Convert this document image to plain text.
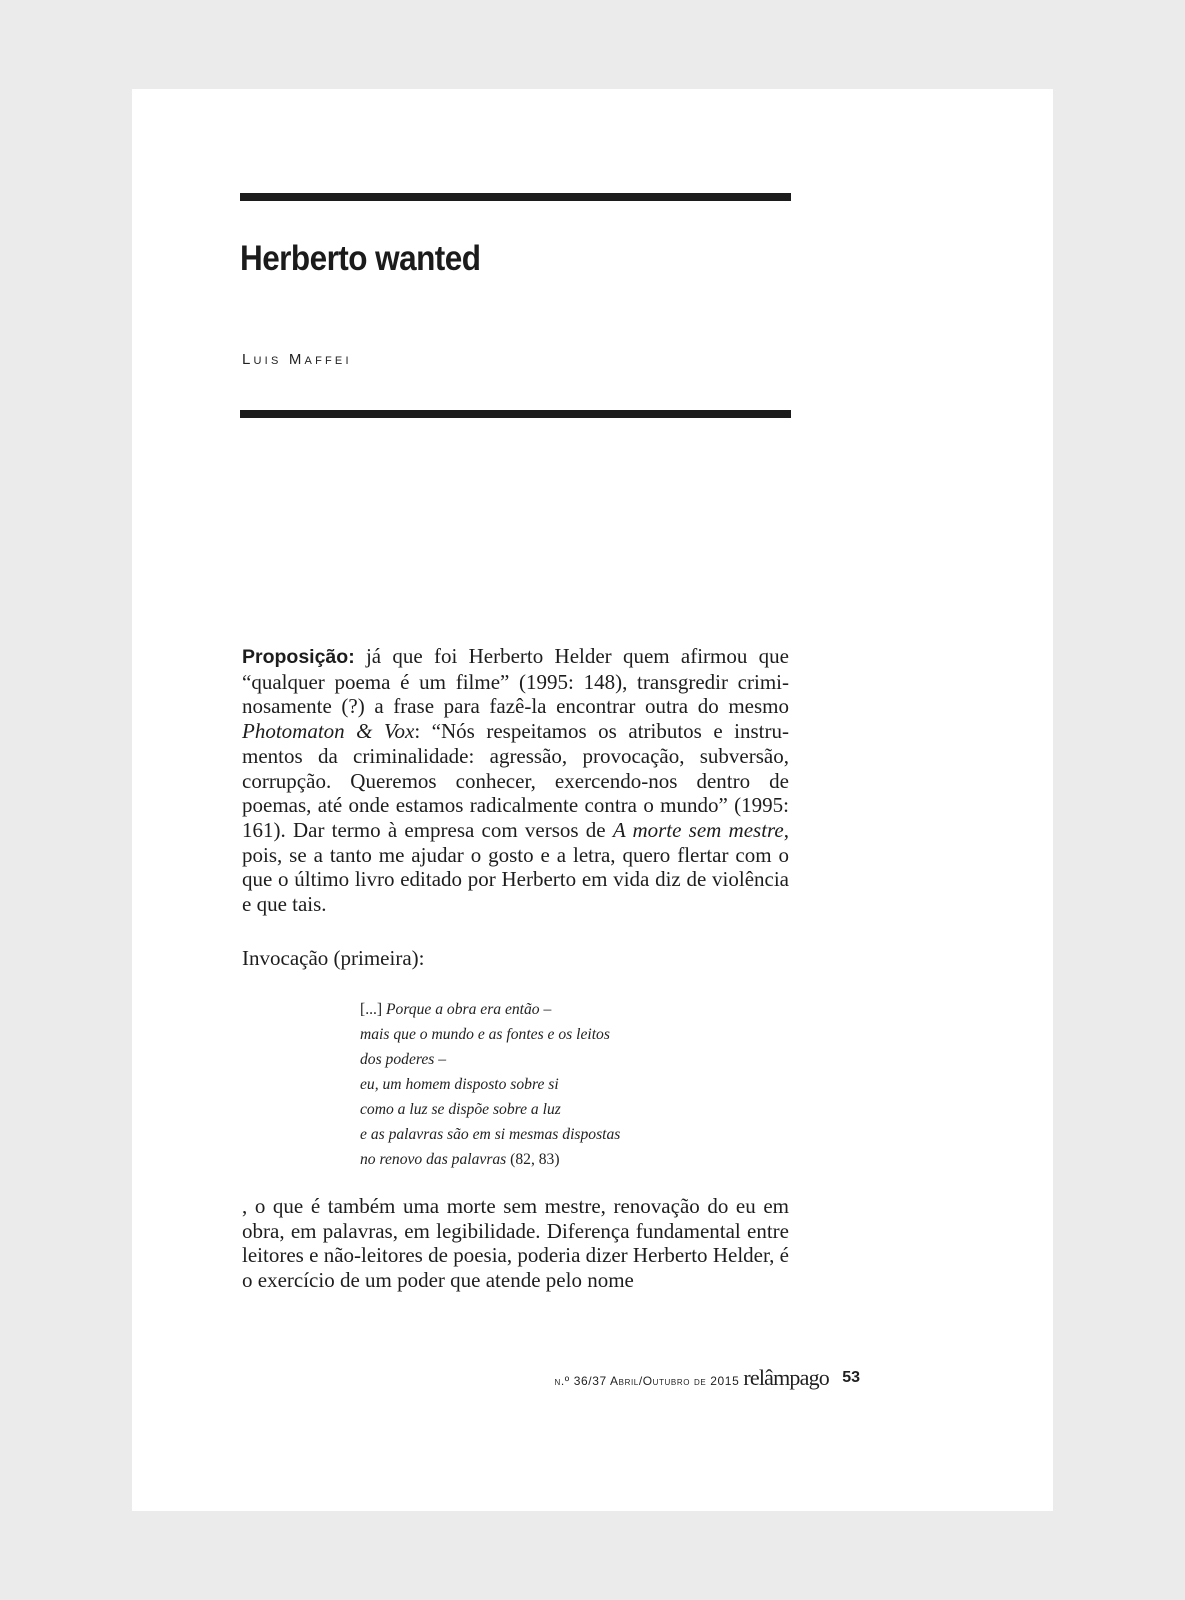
Herberto wanted
Luis Maffei

Proposição: já que foi Herberto Helder quem afirmou que “qualquer poema é um filme” (1995: 148), transgredir criminosamente (?) a frase para fazê-la encontrar outra do mesmo Photomaton & Vox: “Nós respeitamos os atributos e instrumentos da criminalidade: agressão, provocação, subversão, corrupção. Queremos conhecer, exercendo-nos dentro de poemas, até onde estamos radicalmente contra o mundo” (1995: 161). Dar termo à empresa com versos de A morte sem mestre, pois, se a tanto me ajudar o gosto e a letra, quero flertar com o que o último livro editado por Herberto em vida diz de violência e que tais.

Invocação (primeira):

[...] Porque a obra era então –
mais que o mundo e as fontes e os leitos
dos poderes –
eu, um homem disposto sobre si
como a luz se dispõe sobre a luz
e as palavras são em si mesmas dispostas
no renovo das palavras (82, 83)

, o que é também uma morte sem mestre, renovação do eu em obra, em palavras, em legibilidade. Diferença fundamental entre leitores e não-leitores de poesia, poderia dizer Herberto Helder, é o exercício de um poder que atende pelo nome

n.º 36/37 Abril/Outubro de 2015 relâmpago 53
